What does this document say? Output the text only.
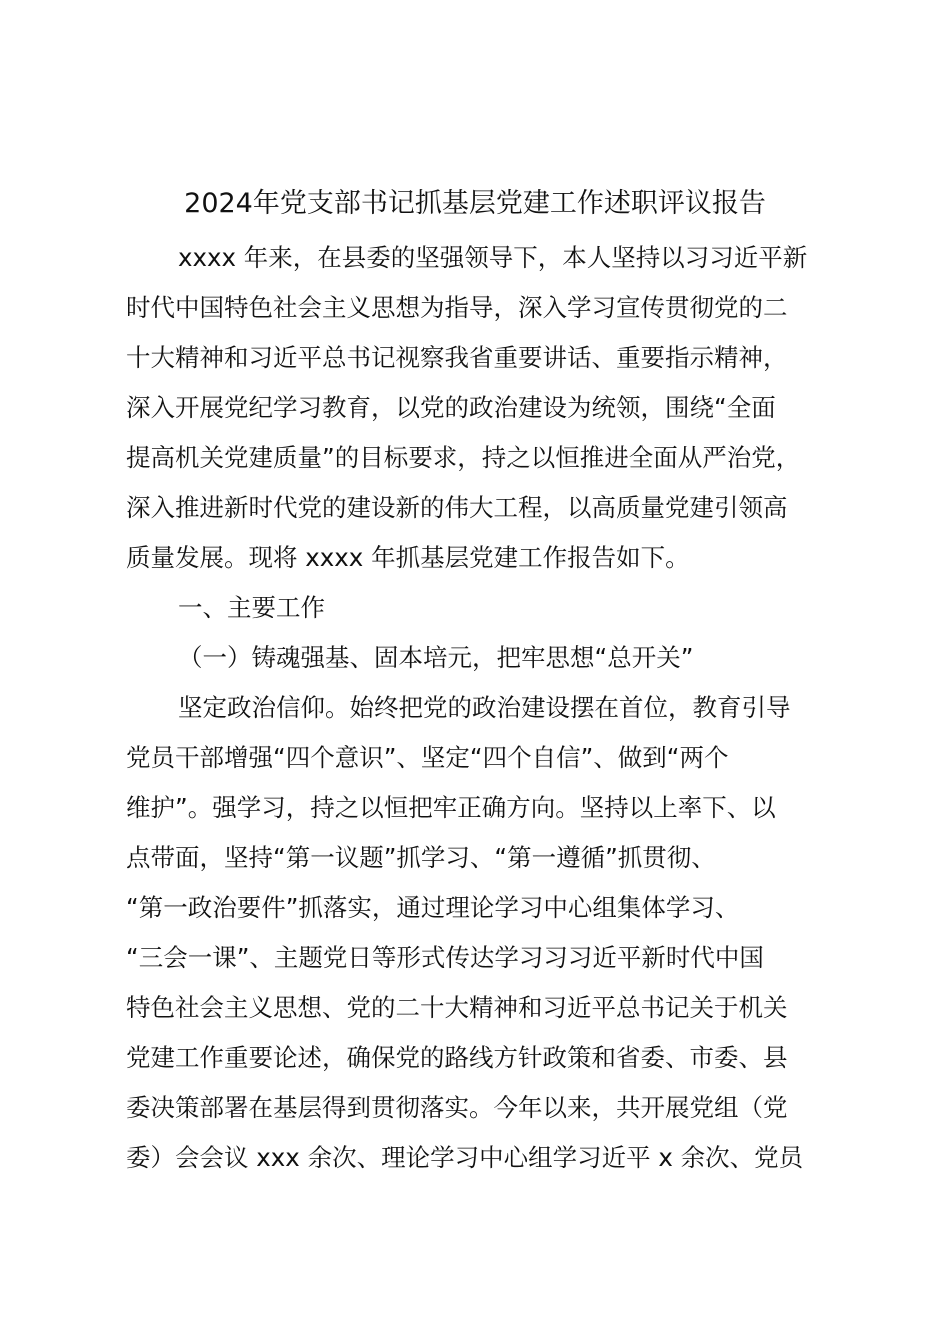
2024年党支部书记抓基层党建工作述职评议报告
xxxx 年来，在县委的坚强领导下，本人坚持以习习近平新
时代中国特色社会主义思想为指导，深入学习宣传贯彻党的二
十大精神和习近平总书记视察我省重要讲话、重要指示精神，
深入开展党纪学习教育，以党的政治建设为统领，围绕“全面
提高机关党建质量”的目标要求，持之以恒推进全面从严治党，
深入推进新时代党的建设新的伟大工程，以高质量党建引领高
质量发展。现将 xxxx 年抓基层党建工作报告如下。
一、主要工作
（一）铸魂强基、固本培元，把牢思想“总开关”
坚定政治信仰。始终把党的政治建设摆在首位，教育引导
党员干部增强“四个意识”、坚定“四个自信”、做到“两个
维护”。强学习，持之以恒把牢正确方向。坚持以上率下、以
点带面，坚持“第一议题”抓学习、“第一遵循”抓贯彻、
“第一政治要件”抓落实，通过理论学习中心组集体学习、
“三会一课”、主题党日等形式传达学习习习近平新时代中国
特色社会主义思想、党的二十大精神和习近平总书记关于机关
党建工作重要论述，确保党的路线方针政策和省委、市委、县
委决策部署在基层得到贯彻落实。今年以来，共开展党组（党
委）会会议 xxx 余次、理论学习中心组学习近平 x 余次、党员
